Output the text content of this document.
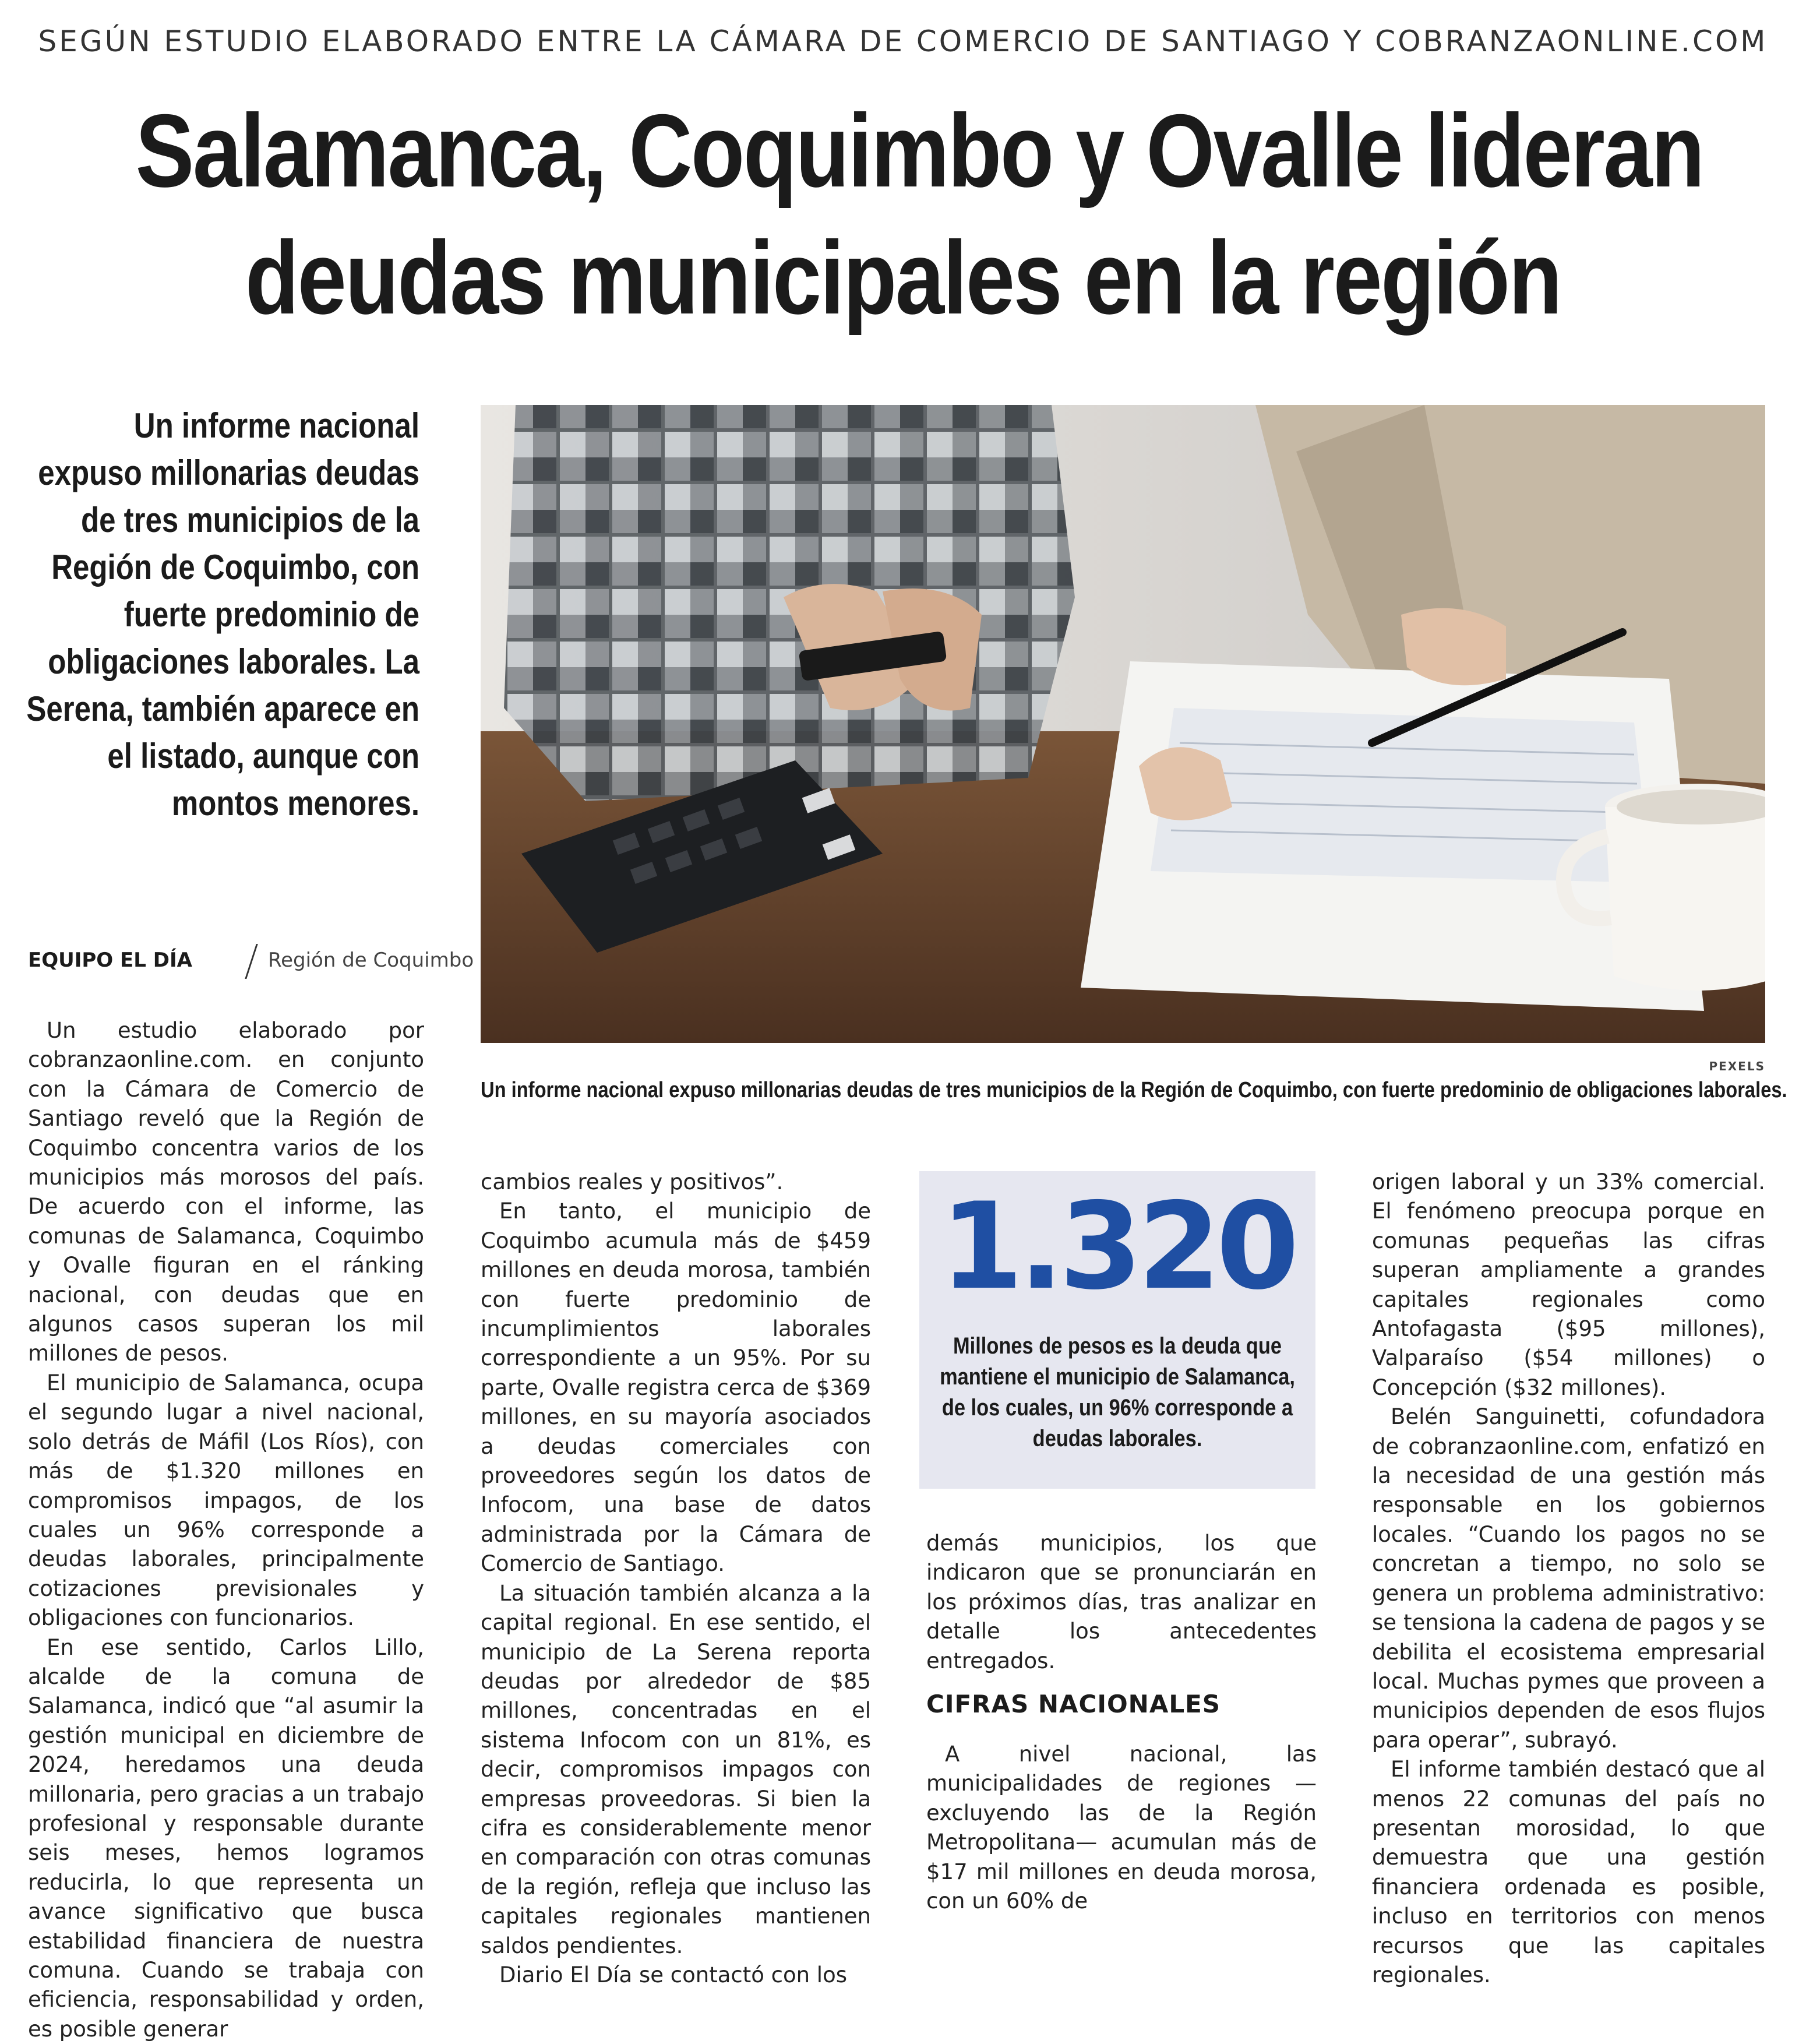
SEGÚN ESTUDIO ELABORADO ENTRE LA CÁMARA DE COMERCIO DE SANTIAGO Y COBRANZAONLINE.COM
Salamanca, Coquimbo y Ovalle lideran
deudas municipales en la región
Un informe nacional expuso millonarias deudas de tres municipios de la Región de Coquimbo, con fuerte predominio de obligaciones laborales. La Serena, también aparece en el listado, aunque con montos menores.
PEXELS
Un informe nacional expuso millonarias deudas de tres municipios de la Región de Coquimbo, con fuerte predominio de obligaciones laborales.
EQUIPO EL DÍA	Región de Coquimbo

Un estudio elaborado por cobranzaonline.com. en conjunto con la Cámara de Comercio de Santiago reveló que la Región de Coquimbo concentra varios de los municipios más morosos del país. De acuerdo con el informe, las comunas de Salamanca, Coquimbo y Ovalle figuran en el ránking nacional, con deudas que en algunos casos superan los mil millones de pesos.

El municipio de Salamanca, ocupa el segundo lugar a nivel nacional, solo detrás de Máfil (Los Ríos), con más de $1.320 millones en compromisos impagos, de los cuales un 96% corresponde a deudas laborales, principalmente cotizaciones previsionales y obligaciones con funcionarios.

En ese sentido, Carlos Lillo, alcalde de la comuna de Salamanca, indicó que “al asumir la gestión municipal en diciembre de 2024, heredamos una deuda millonaria, pero gracias a un trabajo profesional y responsable durante seis meses, hemos logramos reducirla, lo que representa un avance significativo que busca estabilidad financiera de nuestra comuna. Cuando se trabaja con eficiencia, responsabilidad y orden, es posible generar

cambios reales y positivos”.

En tanto, el municipio de Coquimbo acumula más de $459 millones en deuda morosa, también con fuerte predominio de incumplimientos laborales correspondiente a un 95%. Por su parte, Ovalle registra cerca de $369 millones, en su mayoría asociados a deudas comerciales con proveedores según los datos de Infocom, una base de datos administrada por la Cámara de Comercio de Santiago.

La situación también alcanza a la capital regional. En ese sentido, el municipio de La Serena reporta deudas por alrededor de $85 millones, concentradas en el sistema Infocom con un 81%, es decir, compromisos impagos con empresas proveedoras. Si bien la cifra es considerablemente menor en comparación con otras comunas de la región, refleja que incluso las capitales regionales mantienen saldos pendientes.

Diario El Día se contactó con los

1.320
Millones de pesos es la deuda que mantiene el municipio de Salamanca, de los cuales, un 96% corresponde a deudas laborales.

demás municipios, los que indicaron que se pronunciarán en los próximos días, tras analizar en detalle los antecedentes entregados.

CIFRAS NACIONALES

A nivel nacional, las municipalidades de regiones —excluyendo las de la Región Metropolitana— acumulan más de $17 mil millones en deuda morosa, con un 60% de

origen laboral y un 33% comercial. El fenómeno preocupa porque en comunas pequeñas las cifras superan ampliamente a grandes capitales regionales como Antofagasta ($95 millones), Valparaíso ($54 millones) o Concepción ($32 millones).

Belén Sanguinetti, cofundadora de cobranzaonline.com, enfatizó en la necesidad de una gestión más responsable en los gobiernos locales. “Cuando los pagos no se concretan a tiempo, no solo se genera un problema administrativo: se tensiona la cadena de pagos y se debilita el ecosistema empresarial local. Muchas pymes que proveen a municipios dependen de esos flujos para operar”, subrayó.

El informe también destacó que al menos 22 comunas del país no presentan morosidad, lo que demuestra que una gestión financiera ordenada es posible, incluso en territorios con menos recursos que las capitales regionales.
